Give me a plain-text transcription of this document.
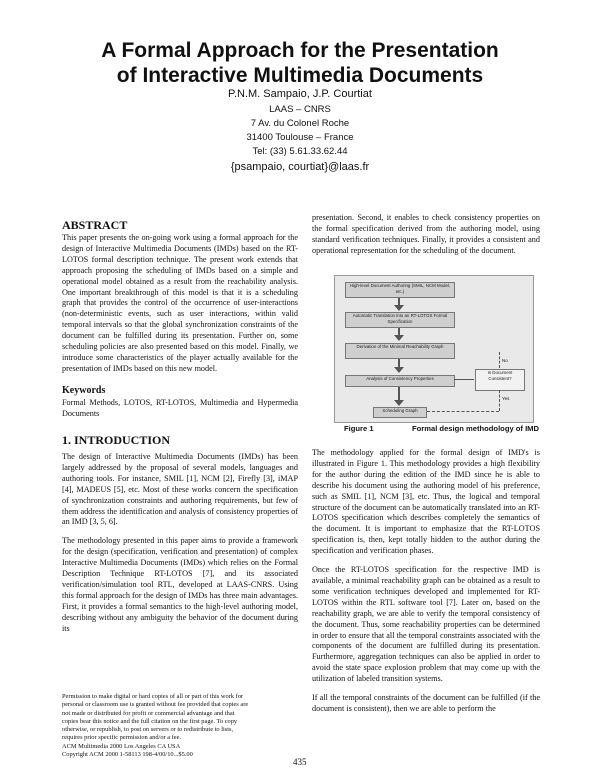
A Formal Approach for the Presentation
of Interactive Multimedia Documents
P.N.M. Sampaio, J.P. Courtiat
LAAS – CNRS
7 Av. du Colonel Roche
31400 Toulouse – France
Tel: (33) 5.61.33.62.44
{psampaio, courtiat}@laas.fr
ABSTRACT

This paper presents the on-going work using a formal approach for the design of Interactive Multimedia Documents (IMDs) based on the RT-LOTOS formal description technique. The present work extends that approach proposing the scheduling of IMDs based on a simple and operational model obtained as a result from the reachability analysis. One important breakthrough of this model is that it is a scheduling graph that provides the control of the occurrence of user-interactions (non-deterministic events, such as user interactions, within valid temporal intervals so that the global synchronization constraints of the document can be fulfilled during its presentation. Further on, some scheduling policies are also presented based on this model. Finally, we introduce some characteristics of the player actually available for the presentation of IMDs based on this new model.

Keywords

Formal Methods, LOTOS, RT-LOTOS, Multimedia and Hypermedia Documents

1. INTRODUCTION

The design of Interactive Multimedia Documents (IMDs) has been largely addressed by the proposal of several models, languages and authoring tools. For instance, SMIL [1], NCM [2], Firefly [3], iMAP [4], MADEUS [5], etc. Most of these works concern the specification of synchronization constraints and authoring requirements, but few of them address the identification and analysis of consistency properties of an IMD [3, 5, 6].

The methodology presented in this paper aims to provide a framework for the design (specification, verification and presentation) of complex Interactive Multimedia Documents (IMDs) which relies on the Formal Description Technique RT-LOTOS [7], and its associated verification/simulation tool RTL, developed at LAAS-CNRS. Using this formal approach for the design of IMDs has three main advantages. First, it provides a formal semantics to the high-level authoring model, describing without any ambiguity the behavior of the document during its

Permission to make digital or hard copies of all or part of this work for
personal or classroom use is granted without fee provided that copies are
not made or distributed for profit or commercial advantage and that
copies bear this notice and the full citation on the first page. To copy
otherwise, or republish, to post on servers or to redistribute to lists,
requires prior specific permission and/or a fee.
ACM Multimedia 2000 Los Angeles CA USA
Copyright ACM 2000 1-58113 198-4/00/10...$5.00

presentation. Second, it enables to check consistency properties on the formal specification derived from the authoring model, using standard verification techniques. Finally, it provides a consistent and operational representation for the scheduling of the document.

High-level Document Authoring (SMIL, NCM Model, etc.)
Automatic Translation into an RT-LOTOS Formal Specification
Derivation of the Minimal Reachability Graph
Analysis of Consistency Properties
Is Document Consistent?
Scheduling Graph
Yes
No
Figure 1	Formal design methodology of IMD

The methodology applied for the formal design of IMD's is illustrated in Figure 1. This methodology provides a high flexibility for the author during the edition of the IMD since he is able to describe his document using the authoring model of his preference, such as SMIL [1], NCM [3], etc. Thus, the logical and temporal structure of the document can be automatically translated into an RT-LOTOS specification which describes completely the semantics of the document. It is important to emphasize that the RT-LOTOS specification is, then, kept totally hidden to the author during the specification and verification phases.

Once the RT-LOTOS specification for the respective IMD is available, a minimal reachability graph can be obtained as a result to some verification techniques developed and implemented for RT-LOTOS within the RTL software tool [7]. Later on, based on the reachability graph, we are able to verify the temporal consistency of the document. Thus, some reachability properties can be determined in order to ensure that all the temporal constraints associated with the components of the document are fulfilled during its presentation. Furthermore, aggregation techniques can also be applied in order to avoid the state space explosion problem that may come up with the utilization of labeled transition systems.

If all the temporal constraints of the document can be fulfilled (if the document is consistent), then we are able to perform the

435
